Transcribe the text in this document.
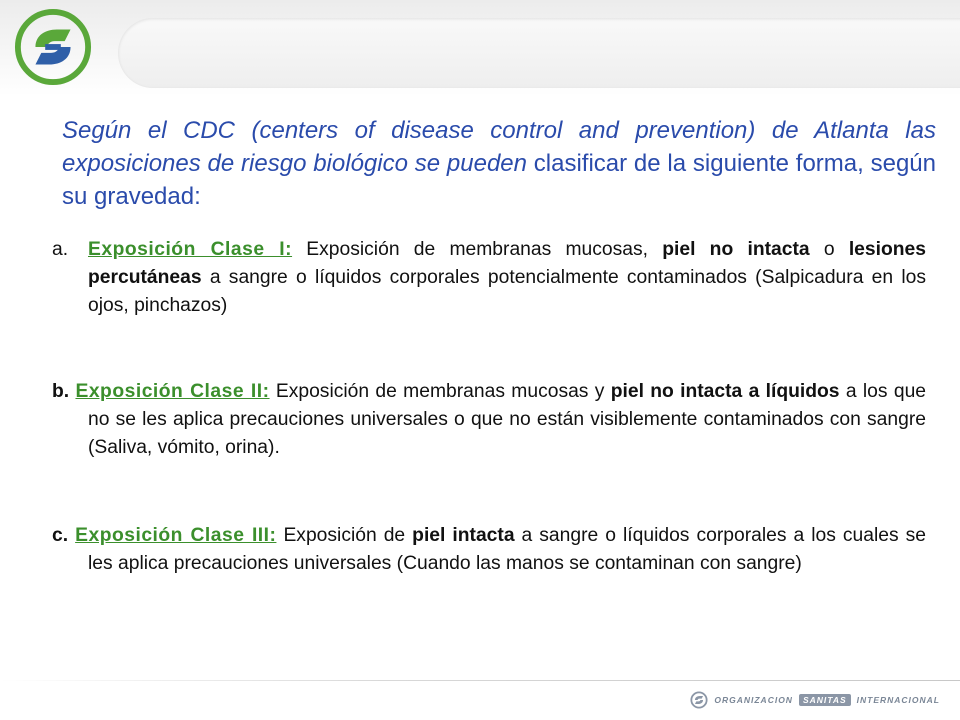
Según el CDC (centers of disease control and prevention) de Atlanta las exposiciones de riesgo biológico se pueden clasificar de la siguiente forma, según su gravedad:
a. Exposición Clase I: Exposición de membranas mucosas, piel no intacta o lesiones percutáneas a sangre o líquidos corporales potencialmente contaminados (Salpicadura en los ojos, pinchazos)
b. Exposición Clase II: Exposición de membranas mucosas y piel no intacta a líquidos a los que no se les aplica precauciones universales o que no están visiblemente contaminados con sangre (Saliva, vómito, orina).
c. Exposición Clase III: Exposición de piel intacta a sangre o líquidos corporales a los cuales se les aplica precauciones universales (Cuando las manos se contaminan con sangre)
ORGANIZACION	SANITAS	INTERNACIONAL
